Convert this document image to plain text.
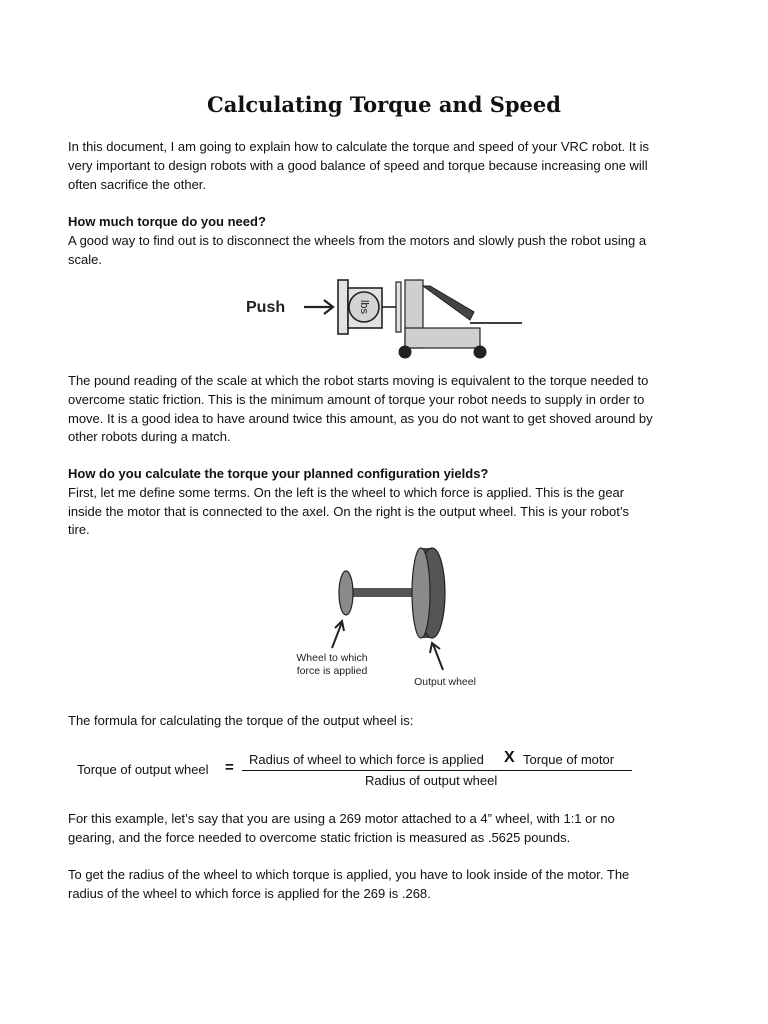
Calculating Torque and Speed
In this document, I am going to explain how to calculate the torque and speed of your VRC robot. It is
very important to design robots with a good balance of speed and torque because increasing one will
often sacrifice the other.
How much torque do you need?
A good way to find out is to disconnect the wheels from the motors and slowly push the robot using a
scale.
Push	lbs
The pound reading of the scale at which the robot starts moving is equivalent to the torque needed to
overcome static friction. This is the minimum amount of torque your robot needs to supply in order to
move. It is a good idea to have around twice this amount, as you do not want to get shoved around by
other robots during a match.
How do you calculate the torque your planned configuration yields?
First, let me define some terms. On the left is the wheel to which force is applied. This is the gear
inside the motor that is connected to the axel. On the right is the output wheel. This is your robot’s
tire.
Wheel to which
force is applied
Output wheel
The formula for calculating the torque of the output wheel is:
Torque of output wheel = Radius of wheel to which force is applied X Torque of motor
Radius of output wheel
For this example, let’s say that you are using a 269 motor attached to a 4” wheel, with 1:1 or no
gearing, and the force needed to overcome static friction is measured as .5625 pounds.
To get the radius of the wheel to which torque is applied, you have to look inside of the motor. The
radius of the wheel to which force is applied for the 269 is .268.
